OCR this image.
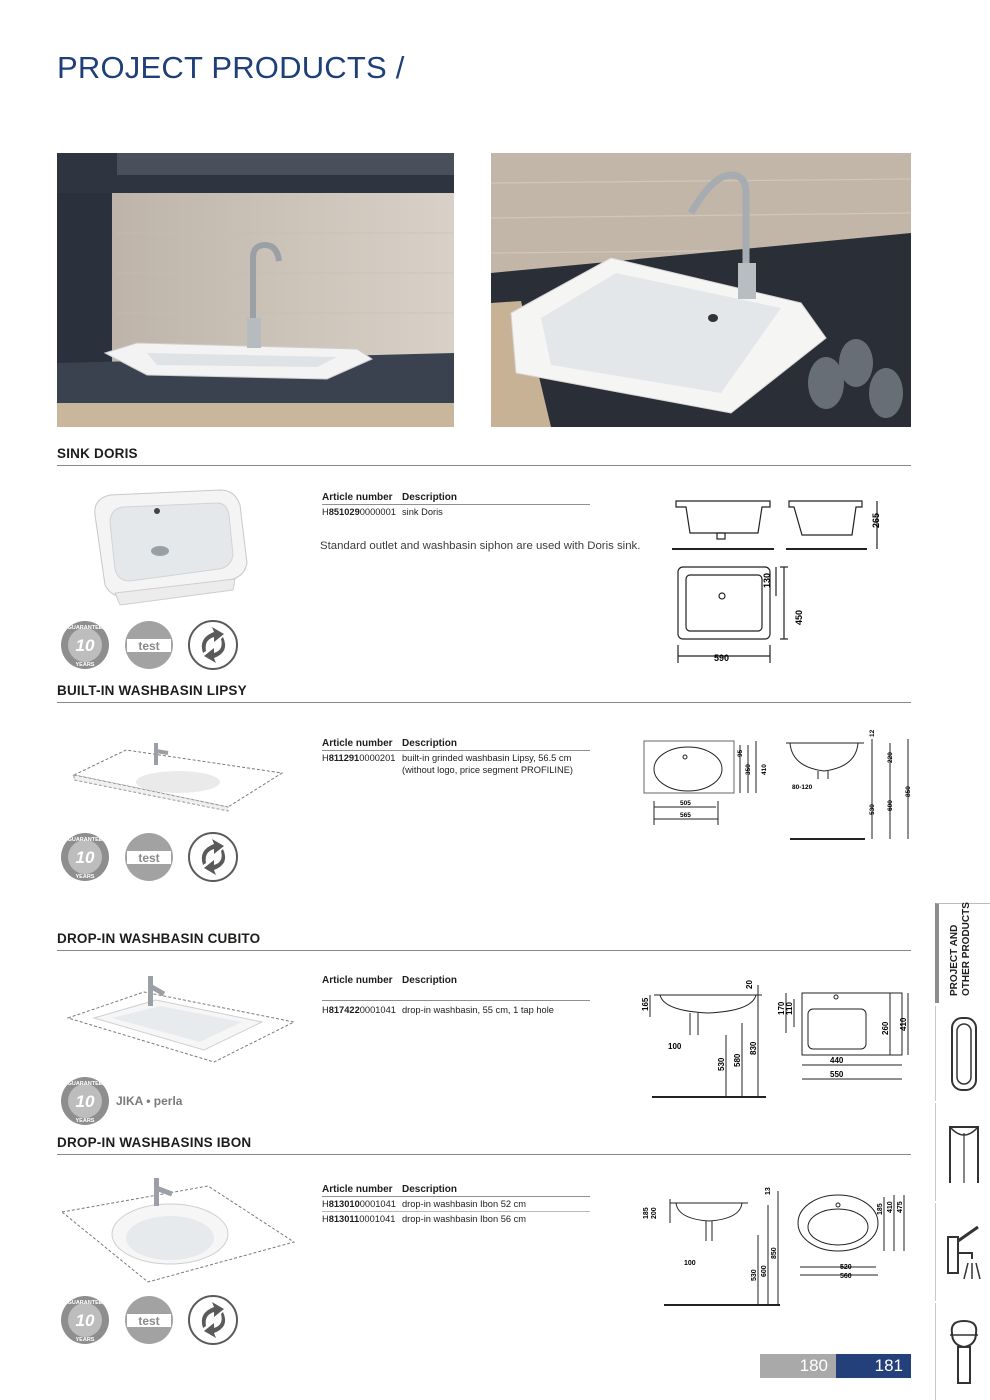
PROJECT PRODUCTS /
SINK DORIS
10
GUARANTEE
YEARS
test
Article number Description
H8510290000001 sink Doris
Standard outlet and washbasin siphon are used with Doris sink.
265
130
450
590
BUILT-IN WASHBASIN LIPSY
10
GUARANTEE
YEARS
test
Article number Description
H8112910000201 built-in grinded washbasin Lipsy, 56.5 cm
(without logo, price segment PROFILINE)
95
350 410
505
565
12
220
80-120
530 600
850
DROP-IN WASHBASIN CUBITO
10
GUARANTEE
YEARS
JIKA • perla
Article number Description
H8174220001041 drop-in washbasin, 55 cm, 1 tap hole	165
20
100
530 580
830
170 110
260 410
440
550
DROP-IN WASHBASINS IBON
10
GUARANTEE
YEARS
test
Article number Description
H8130100001041 drop-in washbasin Ibon 52 cm
H8130110001041 drop-in washbasin Ibon 56 cm	185 200
13
100
530 600
850
185 410 475
520
560
PROJECT AND OTHER PRODUCTS
180	181
